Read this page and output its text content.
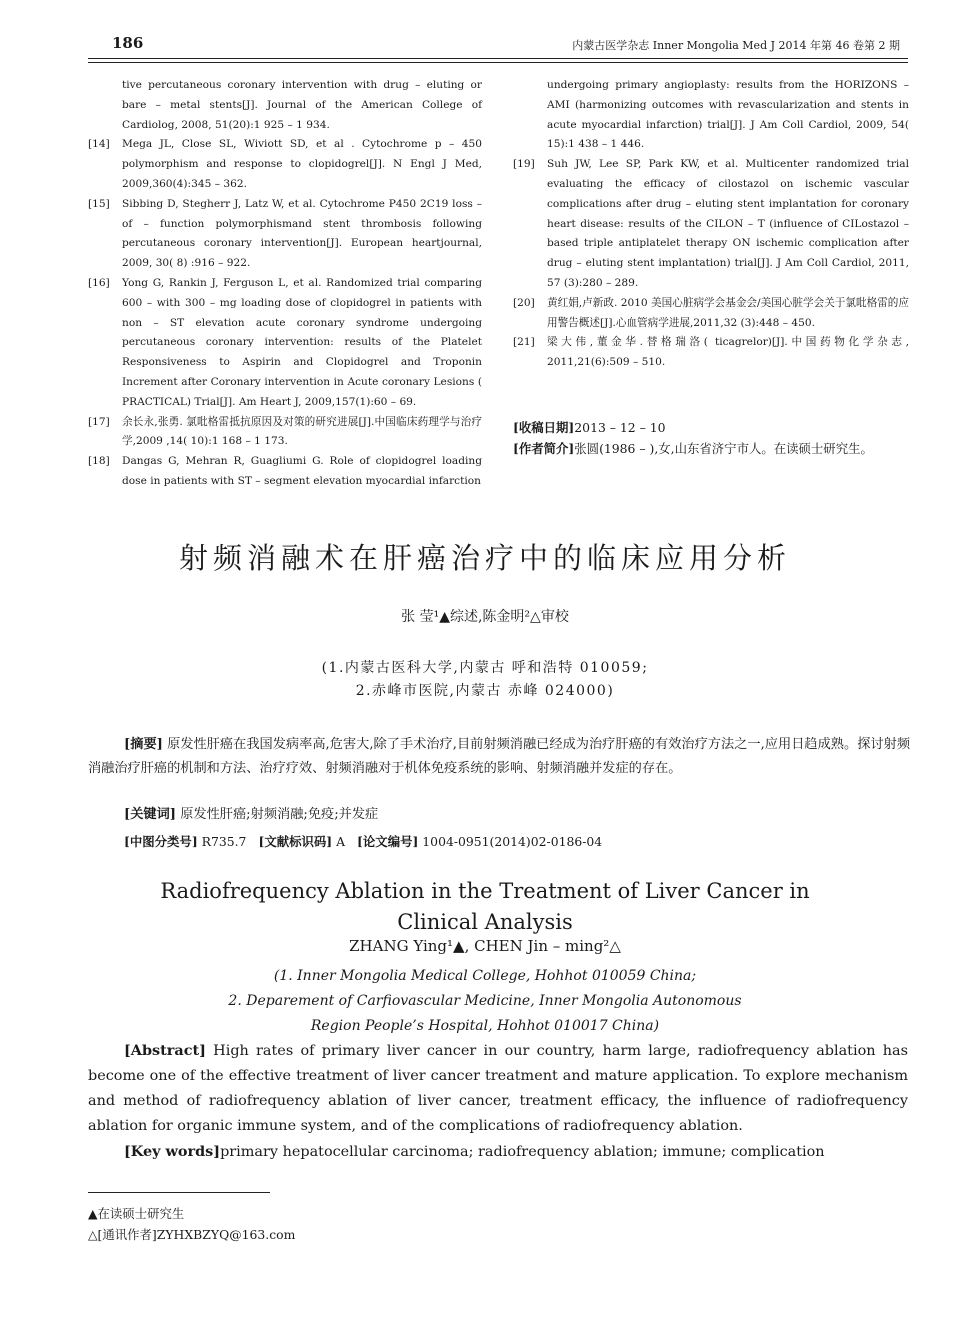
186	内蒙古医学杂志 Inner Mongolia Med J 2014 年第 46 卷第 2 期
tive percutaneous coronary intervention with drug – eluting or bare – metal stents[J]. Journal of the American College of Cardiolog, 2008, 51(20):1 925 – 1 934.
[14]	Mega JL, Close SL, Wiviott SD, et al . Cytochrome p – 450 polymorphism and response to clopidogrel[J]. N Engl J Med, 2009,360(4):345 – 362.
[15]	Sibbing D, Stegherr J, Latz W, et al. Cytochrome P450 2C19 loss – of – function polymorphismand stent thrombosis following percutaneous coronary intervention[J]. European heartjournal, 2009, 30( 8) :916 – 922.
[16]	Yong G, Rankin J, Ferguson L, et al. Randomized trial comparing 600 – with 300 – mg loading dose of clopidogrel in patients with non – ST elevation acute coronary syndrome undergoing percutaneous coronary intervention: results of the Platelet Responsiveness to Aspirin and Clopidogrel and Troponin Increment after Coronary intervention in Acute coronary Lesions ( PRACTICAL) Trial[J]. Am Heart J, 2009,157(1):60 – 69.
[17]	余长永,张勇. 氯吡格雷抵抗原因及对策的研究进展[J].中国临床药理学与治疗学,2009 ,14( 10):1 168 – 1 173.
[18]	Dangas G, Mehran R, Guagliumi G. Role of clopidogrel loading dose in patients with ST – segment elevation myocardial infarction
undergoing primary angioplasty: results from the HORIZONS – AMI (harmonizing outcomes with revascularization and stents in acute myocardial infarction) trial[J]. J Am Coll Cardiol, 2009, 54( 15):1 438 – 1 446.
[19]	Suh JW, Lee SP, Park KW, et al. Multicenter randomized trial evaluating the efficacy of cilostazol on ischemic vascular complications after drug – eluting stent implantation for coronary heart disease: results of the CILON – T (influence of CILostazol – based triple antiplatelet therapy ON ischemic complication after drug – eluting stent implantation) trial[J]. J Am Coll Cardiol, 2011, 57 (3):280 – 289.
[20]	黄红娟,卢新政. 2010 美国心脏病学会基金会/美国心脏学会关于氯吡格雷的应用警告概述[J].心血管病学进展,2011,32 (3):448 – 450.
[21]	梁大伟,董金华.替格瑞洛( ticagrelor)[J].中国药物化学杂志, 2011,21(6):509 – 510.
[收稿日期] 2013 – 12 – 10
[作者简介] 张圆(1986 – ),女,山东省济宁市人。在读硕士研究生。
射频消融术在肝癌治疗中的临床应用分析
张 莹¹▲综述,陈金明²△审校
(1.内蒙古医科大学,内蒙古 呼和浩特 010059;
2.赤峰市医院,内蒙古 赤峰 024000)
[摘要] 原发性肝癌在我国发病率高,危害大,除了手术治疗,目前射频消融已经成为治疗肝癌的有效治疗方法之一,应用日趋成熟。探讨射频消融治疗肝癌的机制和方法、治疗疗效、射频消融对于机体免疫系统的影响、射频消融并发症的存在。
[关键词] 原发性肝癌;射频消融;免疫;并发症
[中图分类号] R735.7 [文献标识码] A [论文编号] 1004-0951(2014)02-0186-04
Radiofrequency Ablation in the Treatment of Liver Cancer in Clinical Analysis
ZHANG Ying¹▲, CHEN Jin – ming²△
(1. Inner Mongolia Medical College, Hohhot 010059 China;
2. Deparement of Carfiovascular Medicine, Inner Mongolia Autonomous
Region People’s Hospital, Hohhot 010017 China)
[Abstract] High rates of primary liver cancer in our country, harm large, radiofrequency ablation has become one of the effective treatment of liver cancer treatment and mature application. To explore mechanism and method of radiofrequency ablation of liver cancer, treatment efficacy, the influence of radiofrequency ablation for organic immune system, and of the complications of radiofrequency ablation.
[Key words]primary hepatocellular carcinoma; radiofrequency ablation; immune; complication
▲在读硕士研究生
△[通讯作者]ZYHXBZYQ@163.com
